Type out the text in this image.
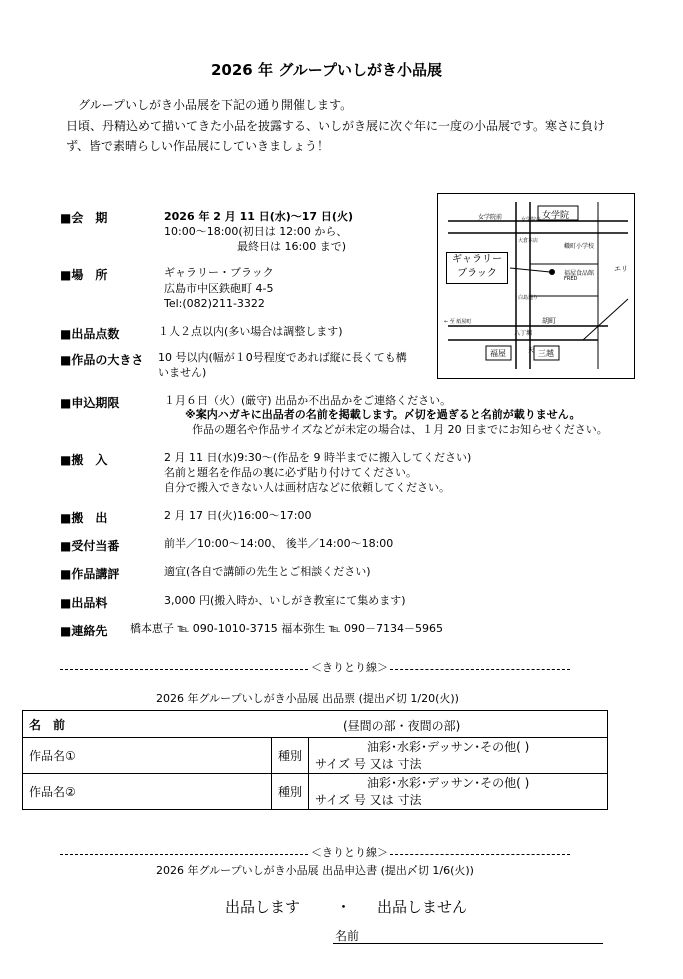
2026 年 グループいしがき小品展
グループいしがき小品展を下記の通り開催します。
日頃、丹精込めて描いてきた小品を披露する、いしがき展に次ぐ年に一度の小品展です。寒さに負け
ず、皆で素晴らしい作品展にしていきましょう！
■会　期	2026 年 2 月 11 日(水)～17 日(火)
10:00～18:00(初日は 12:00 から、
最終日は 16:00 まで)
■場　所	ギャラリー・ブラック
広島市中区鉄砲町 4-5
Tel:(082)211-3322
■出品点数	１人２点以内(多い場合は調整します)
■作品の大きさ 10 号以内(幅が１0号程度であれば縦に長くても構
いません)
■申込期限	１月６日（火）(厳守) 出品か不出品かをご連絡ください。
※案内ハガキに出品者の名前を掲載します。〆切を過ぎると名前が載りません。
作品の題名や作品サイズなどが未定の場合は、１月 20 日までにお知らせください。
■搬　入	2 月 11 日(水)9:30～(作品を 9 時半までに搬入してください)
名前と題名を作品の裏に必ず貼り付けてください。
自分で搬入できない人は画材店などに依頼してください。
■搬　出	2 月 17 日(火)16:00～17:00
■受付当番	前半／10:00～14:00、 後半／14:00～18:00
■作品講評	適宜(各自で講師の先生とご相談ください)
■出品料	3,000 円(搬入時か、いしがき教室にて集めます)
■連絡先 橋本恵子 ℡ 090-1010-3715 福本弥生 ℡ 090－7134－5965
女学院前	女学院
女学院高
大倉本店
幟町小学校
福屋食品館
FRED
エリ
← 至 紙屋町
八丁堀
胡町
白島通り
福屋	三越
天
ギャラリー
ブラック
＜きりとり線＞
2026 年グループいしがき小品展 出品票 (提出〆切 1/20(火))
名　前 (昼間の部・夜間の部)		

作品名①	種別	油彩･水彩･デッサン･その他( )
サイズ 号 又は 寸法

作品名②	種別	油彩･水彩･デッサン･その他( )
サイズ 号 又は 寸法
＜きりとり線＞
2026 年グループいしがき小品展 出品申込書 (提出〆切 1/6(火))
出品します ・ 出品しません
名前
